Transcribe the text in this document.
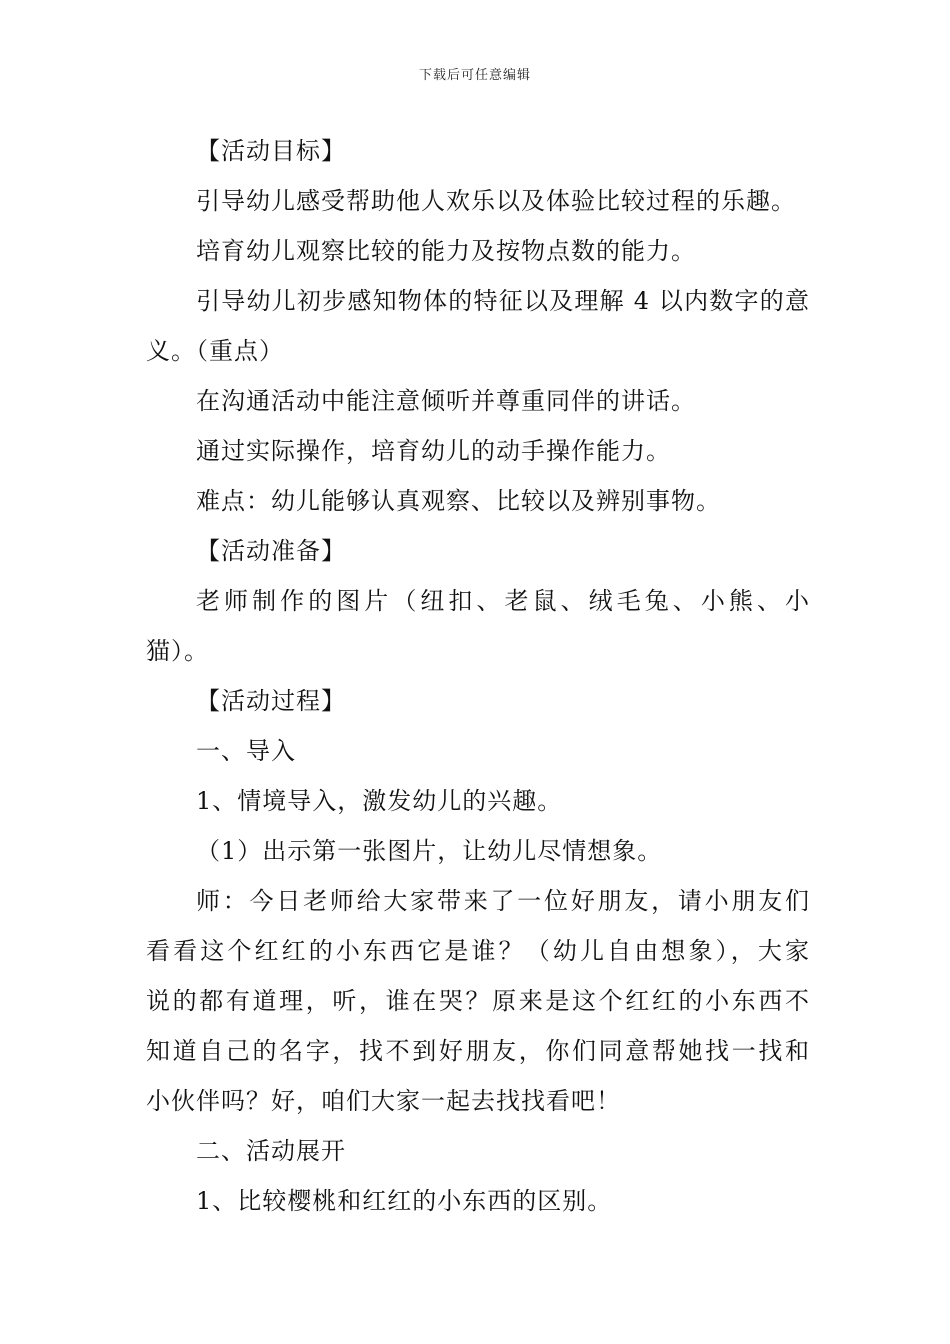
下载后可任意编辑
【活动目标】
引导幼儿感受帮助他人欢乐以及体验比较过程的乐趣。
培育幼儿观察比较的能力及按物点数的能力。
引导幼儿初步感知物体的特征以及理解 4 以内数字的意
义。（重点）
在沟通活动中能注意倾听并尊重同伴的讲话。
通过实际操作，培育幼儿的动手操作能力。
难点：幼儿能够认真观察、比较以及辨别事物。
【活动准备】
老师制作的图片（纽扣、老鼠、绒毛兔、小熊、小
猫）。
【活动过程】
一、导入
1、情境导入，激发幼儿的兴趣。
（1）出示第一张图片，让幼儿尽情想象。
师：今日老师给大家带来了一位好朋友，请小朋友们
看看这个红红的小东西它是谁？（幼儿自由想象），大家
说的都有道理，听，谁在哭？原来是这个红红的小东西不
知道自己的名字，找不到好朋友，你们同意帮她找一找和
小伙伴吗？好，咱们大家一起去找找看吧！
二、活动展开
1、比较樱桃和红红的小东西的区别。
